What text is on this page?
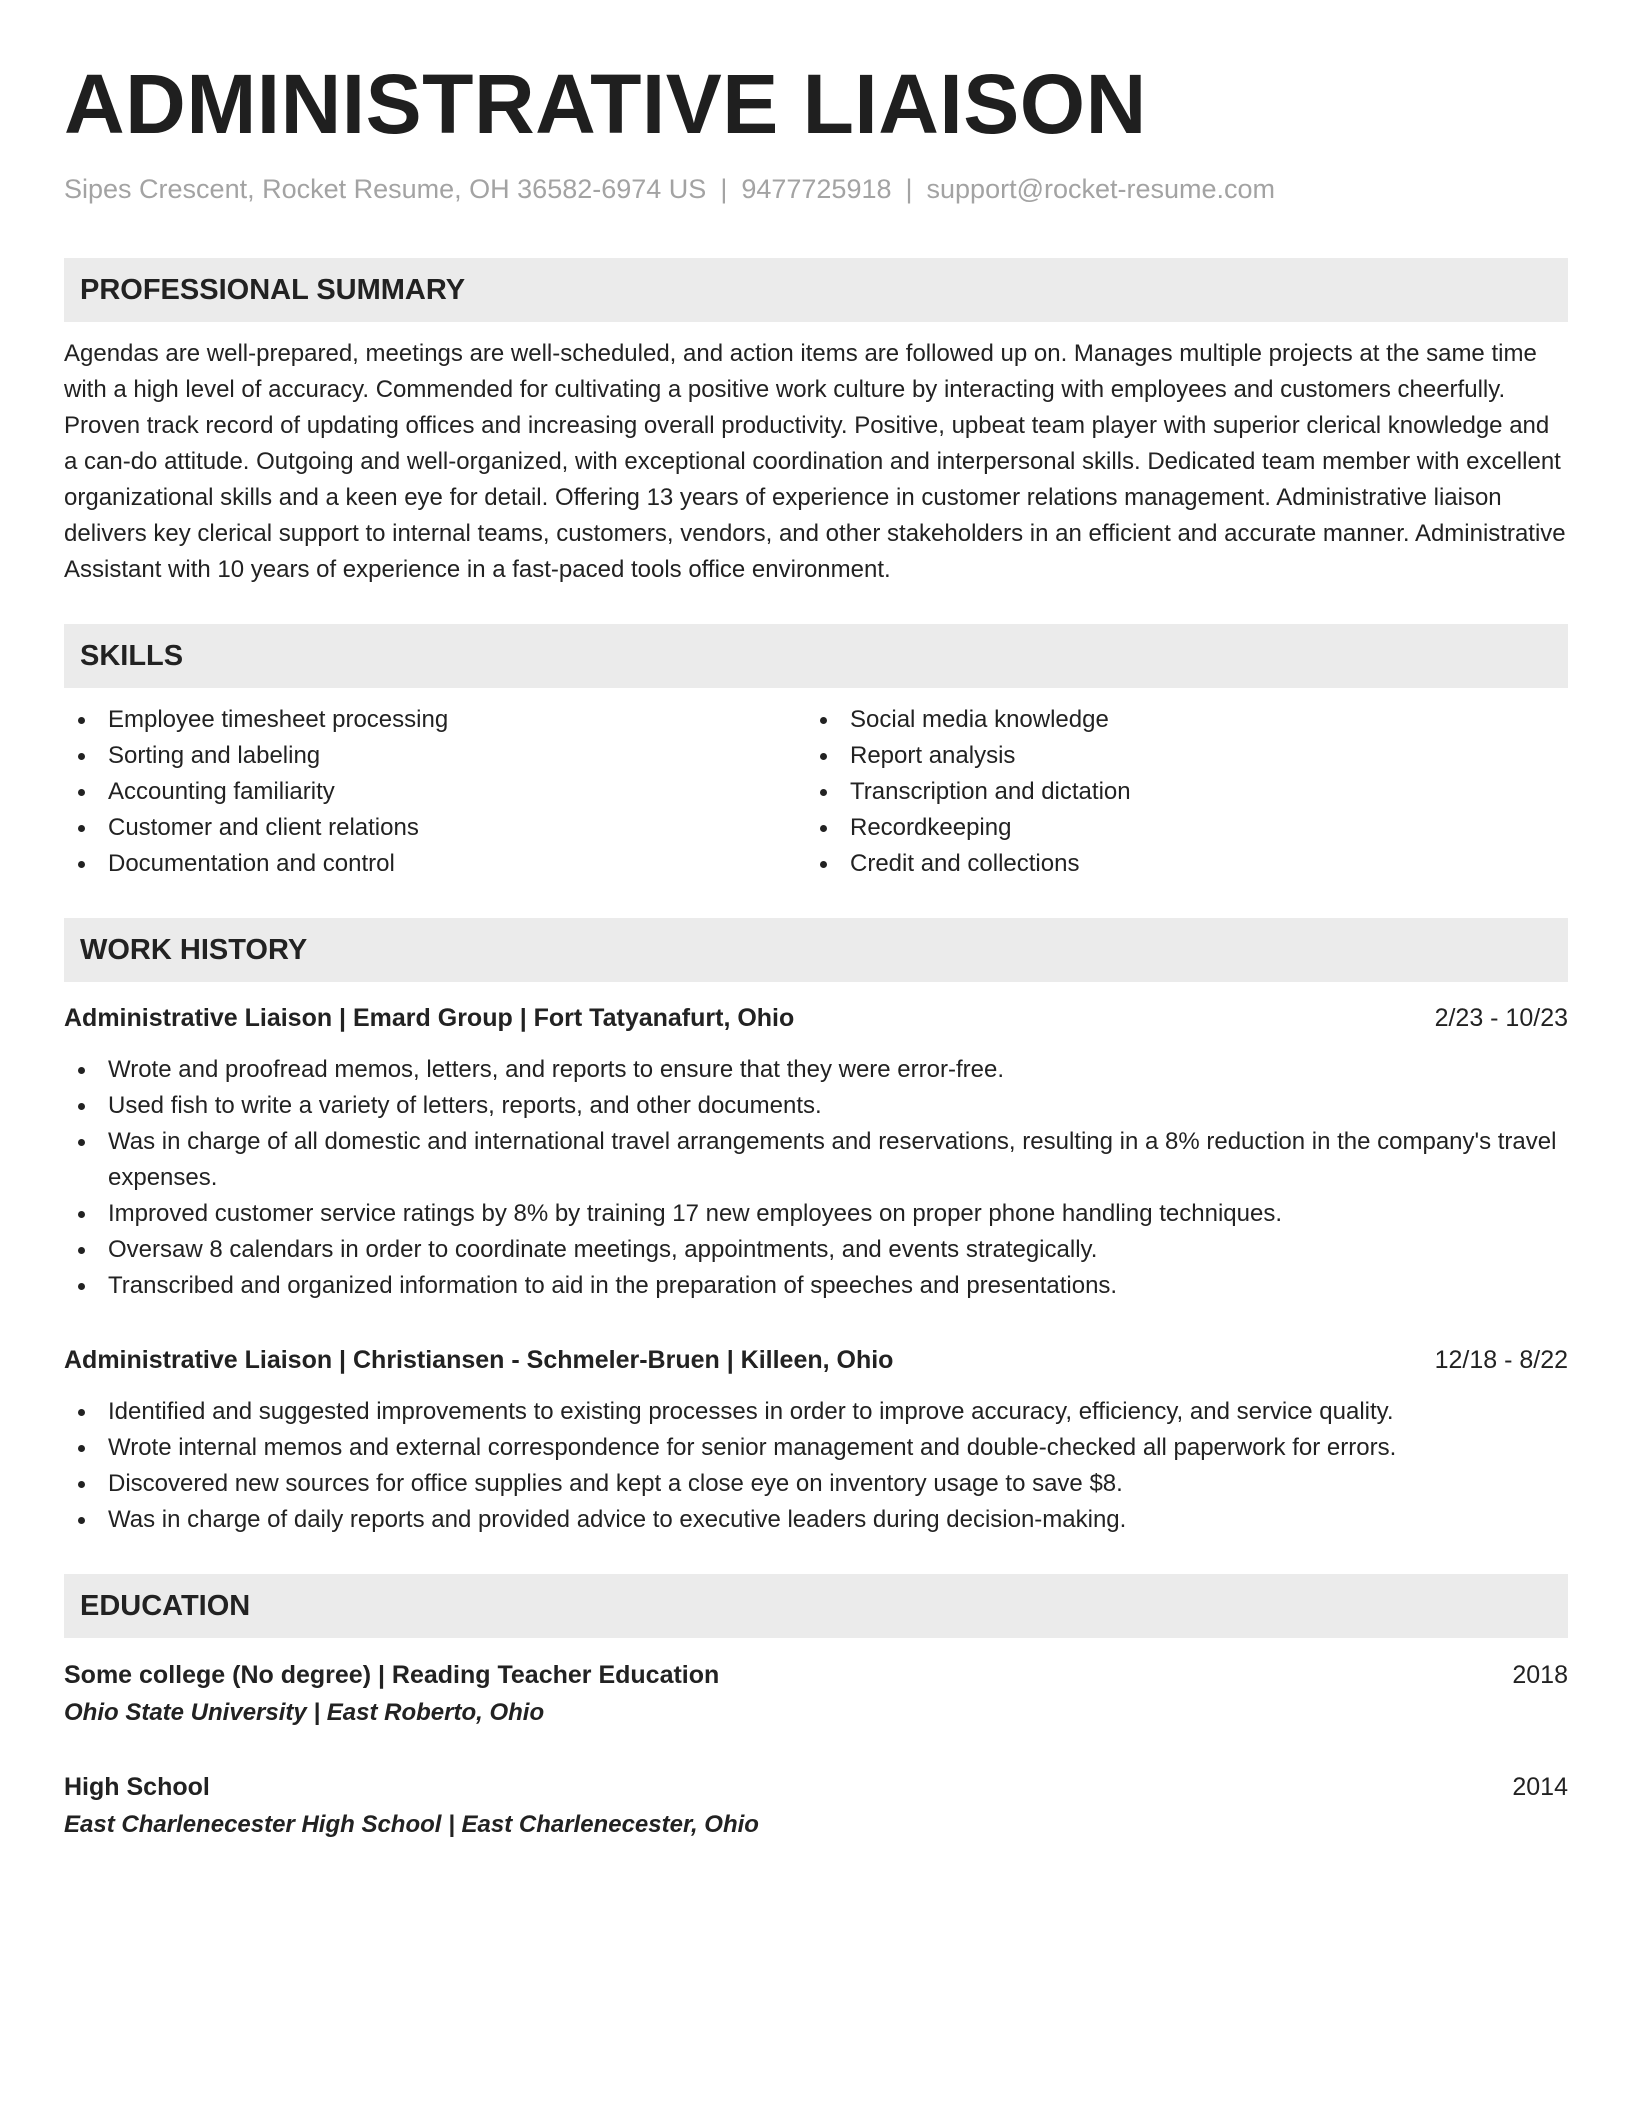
ADMINISTRATIVE LIAISON
Sipes Crescent, Rocket Resume, OH 36582-6974 US | 9477725918 | support@rocket-resume.com
PROFESSIONAL SUMMARY
Agendas are well-prepared, meetings are well-scheduled, and action items are followed up on. Manages multiple projects at the same time with a high level of accuracy. Commended for cultivating a positive work culture by interacting with employees and customers cheerfully. Proven track record of updating offices and increasing overall productivity. Positive, upbeat team player with superior clerical knowledge and a can-do attitude. Outgoing and well-organized, with exceptional coordination and interpersonal skills. Dedicated team member with excellent organizational skills and a keen eye for detail. Offering 13 years of experience in customer relations management. Administrative liaison delivers key clerical support to internal teams, customers, vendors, and other stakeholders in an efficient and accurate manner. Administrative Assistant with 10 years of experience in a fast-paced tools office environment.
SKILLS
Employee timesheet processing
Sorting and labeling
Accounting familiarity
Customer and client relations
Documentation and control
Social media knowledge
Report analysis
Transcription and dictation
Recordkeeping
Credit and collections
WORK HISTORY
Administrative Liaison | Emard Group | Fort Tatyanafurt, Ohio	2/23 - 10/23
Wrote and proofread memos, letters, and reports to ensure that they were error-free.
Used fish to write a variety of letters, reports, and other documents.
Was in charge of all domestic and international travel arrangements and reservations, resulting in a 8% reduction in the company's travel expenses.
Improved customer service ratings by 8% by training 17 new employees on proper phone handling techniques.
Oversaw 8 calendars in order to coordinate meetings, appointments, and events strategically.
Transcribed and organized information to aid in the preparation of speeches and presentations.
Administrative Liaison | Christiansen - Schmeler-Bruen | Killeen, Ohio	12/18 - 8/22
Identified and suggested improvements to existing processes in order to improve accuracy, efficiency, and service quality.
Wrote internal memos and external correspondence for senior management and double-checked all paperwork for errors.
Discovered new sources for office supplies and kept a close eye on inventory usage to save $8.
Was in charge of daily reports and provided advice to executive leaders during decision-making.
EDUCATION
Some college (No degree) | Reading Teacher Education	2018
Ohio State University | East Roberto, Ohio
High School	2014
East Charlenecester High School | East Charlenecester, Ohio
